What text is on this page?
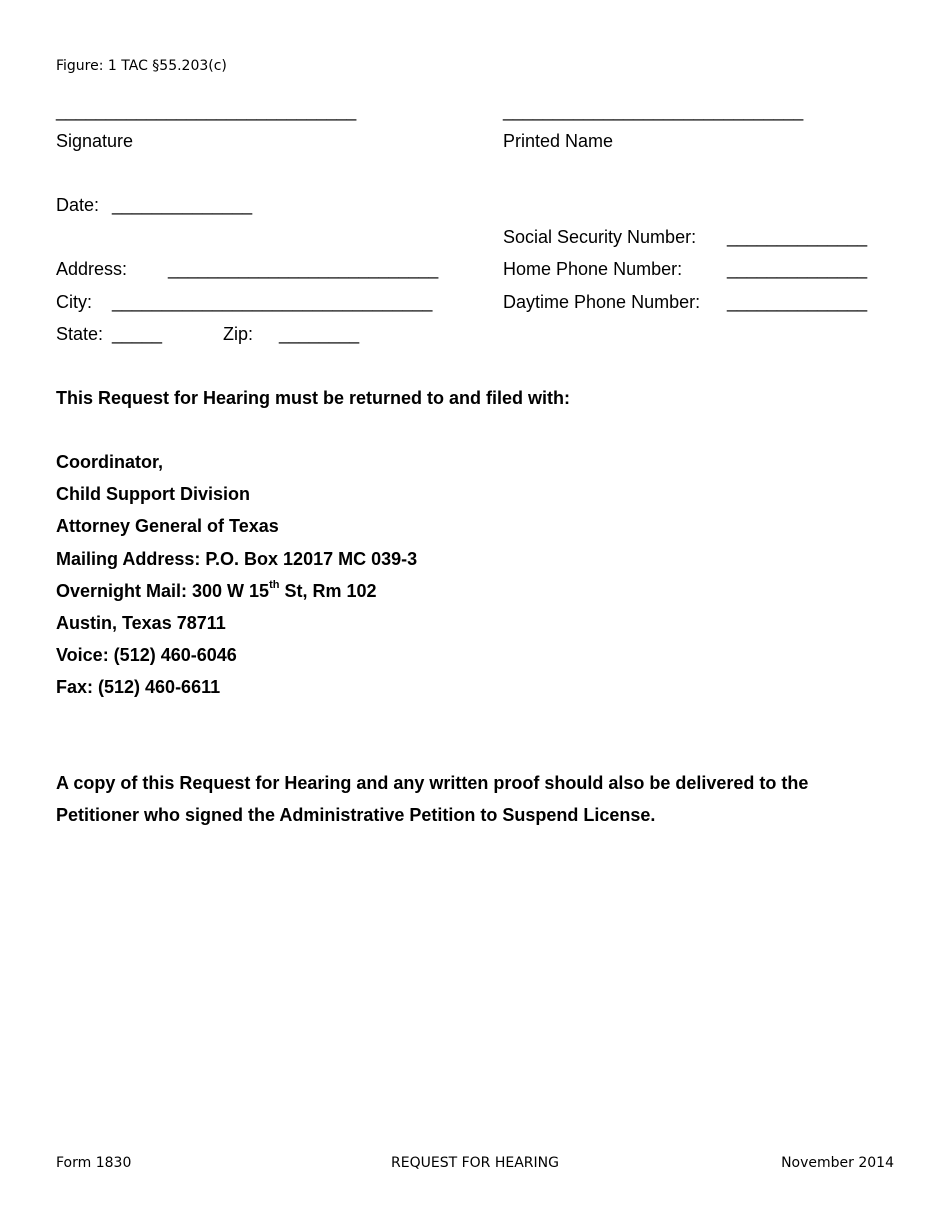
Figure: 1 TAC §55.203(c)
______________________________
Signature
______________________________
Printed Name
Date: ______________
Social Security Number: ______________
Address: ___________________________	Home Phone Number: ______________
City: ________________________________	Daytime Phone Number: ______________
State: _____	Zip: ________
This Request for Hearing must be returned to and filed with:
Coordinator,
Child Support Division
Attorney General of Texas
Mailing Address: P.O. Box 12017 MC 039-3
Overnight Mail: 300 W 15th St, Rm 102
Austin, Texas 78711
Voice: (512) 460-6046
Fax: (512) 460-6611
A copy of this Request for Hearing and any written proof should also be delivered to the
Petitioner who signed the Administrative Petition to Suspend License.
Form 1830	REQUEST FOR HEARING	November 2014
